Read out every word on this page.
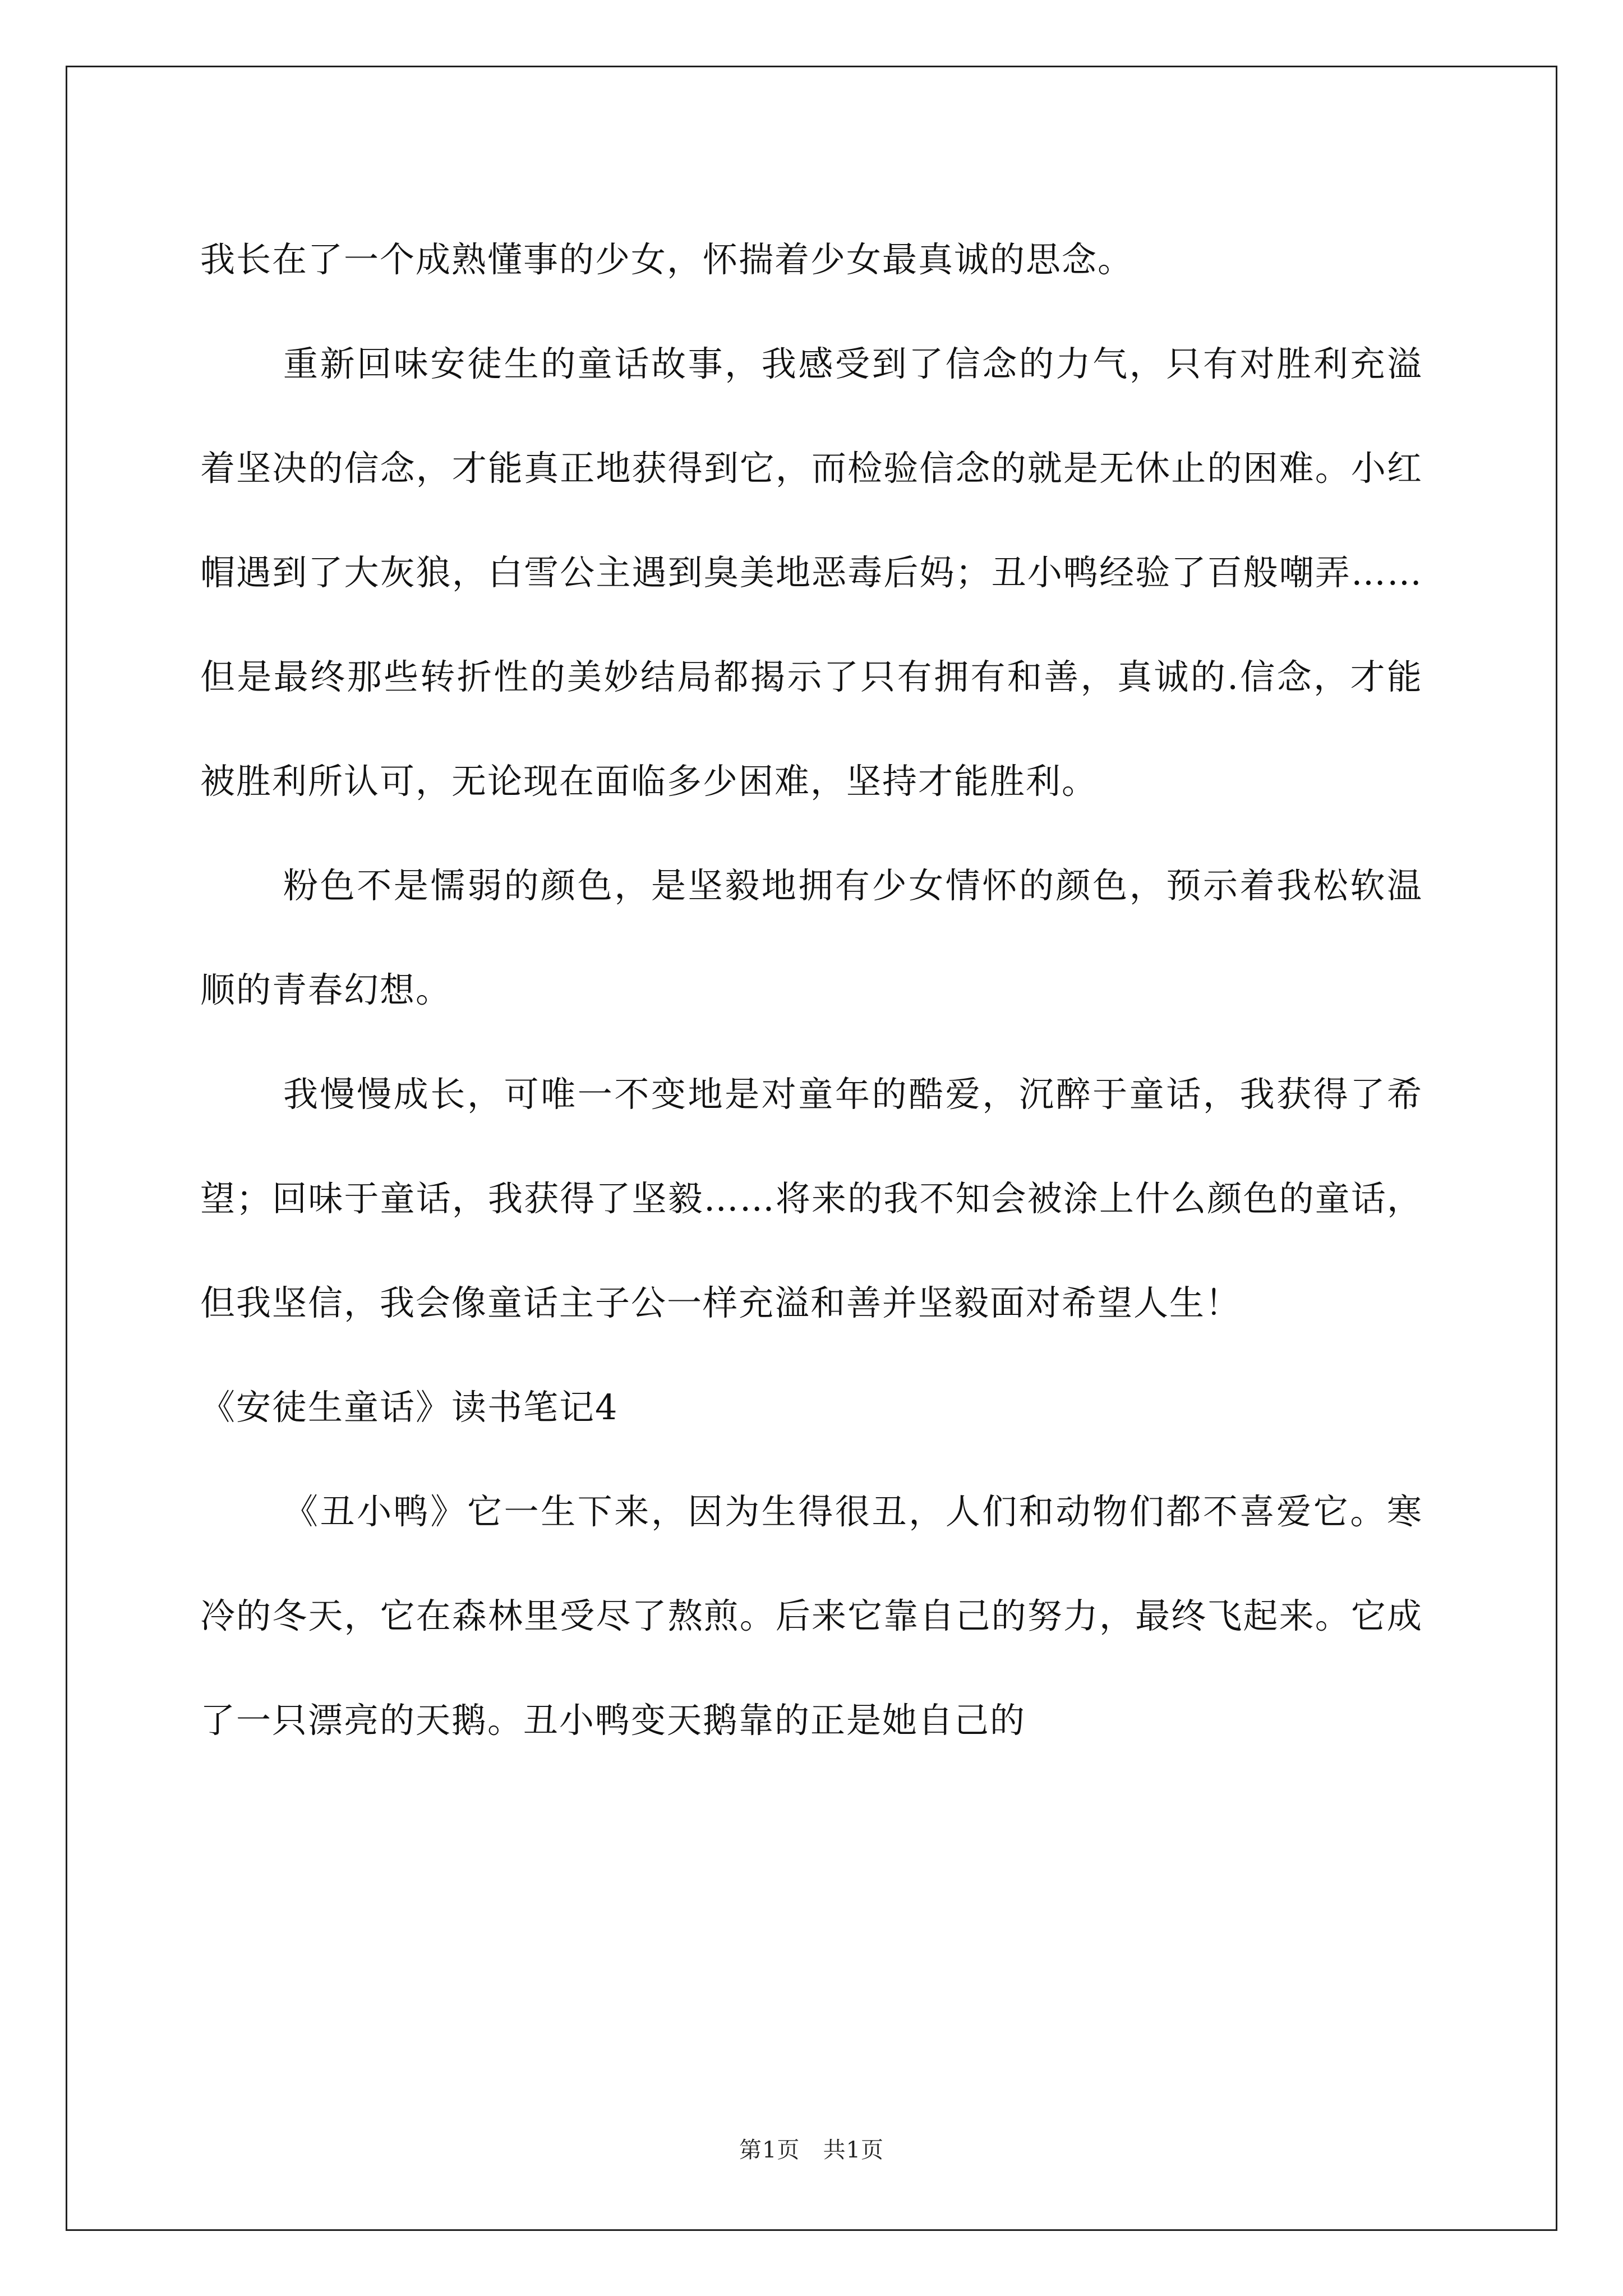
我长在了一个成熟懂事的少女，怀揣着少女最真诚的思念。

重新回味安徒生的童话故事，我感受到了信念的力气，只有对胜利充溢着坚决的信念，才能真正地获得到它，而检验信念的就是无休止的困难。小红帽遇到了大灰狼，白雪公主遇到臭美地恶毒后妈；丑小鸭经验了百般嘲弄……但是最终那些转折性的美妙结局都揭示了只有拥有和善，真诚的.信念，才能被胜利所认可，无论现在面临多少困难，坚持才能胜利。

粉色不是懦弱的颜色，是坚毅地拥有少女情怀的颜色，预示着我松软温顺的青春幻想。

我慢慢成长，可唯一不变地是对童年的酷爱，沉醉于童话，我获得了希望；回味于童话，我获得了坚毅……将来的我不知会被涂上什么颜色的童话，但我坚信，我会像童话主子公一样充溢和善并坚毅面对希望人生！

《安徒生童话》读书笔记4

《丑小鸭》它一生下来，因为生得很丑，人们和动物们都不喜爱它。寒冷的冬天，它在森林里受尽了熬煎。后来它靠自己的努力，最终飞起来。它成了一只漂亮的天鹅。丑小鸭变天鹅靠的正是她自己的

第1页 共1页
